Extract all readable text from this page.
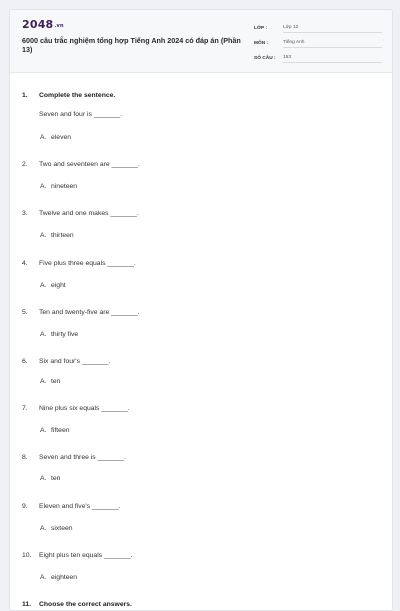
2048.vn
6000 câu trắc nghiệm tổng hợp Tiếng Anh 2024 có đáp án (Phần 13)
LỚP :	Lớp 12
MÔN :	Tiếng Anh
SỐ CÂU :	153
1. Complete the sentence.
Seven and four is _______.
A. eleven
2. Two and seventeen are _______.
A. nineteen
3. Twelve and one makes _______.
A. thirteen
4. Five plus three equals _______.
A. eight
5. Ten and twenty-five are _______.
A. thirty five
6. Six and four's _______.
A. ten
7. Nine plus six equals _______.
A. fifteen
8. Seven and three is _______.
A. ten
9. Eleven and five's _______.
A. sixteen
10. Eight plus ten equals _______.
A. eighteen
11. Choose the correct answers.
